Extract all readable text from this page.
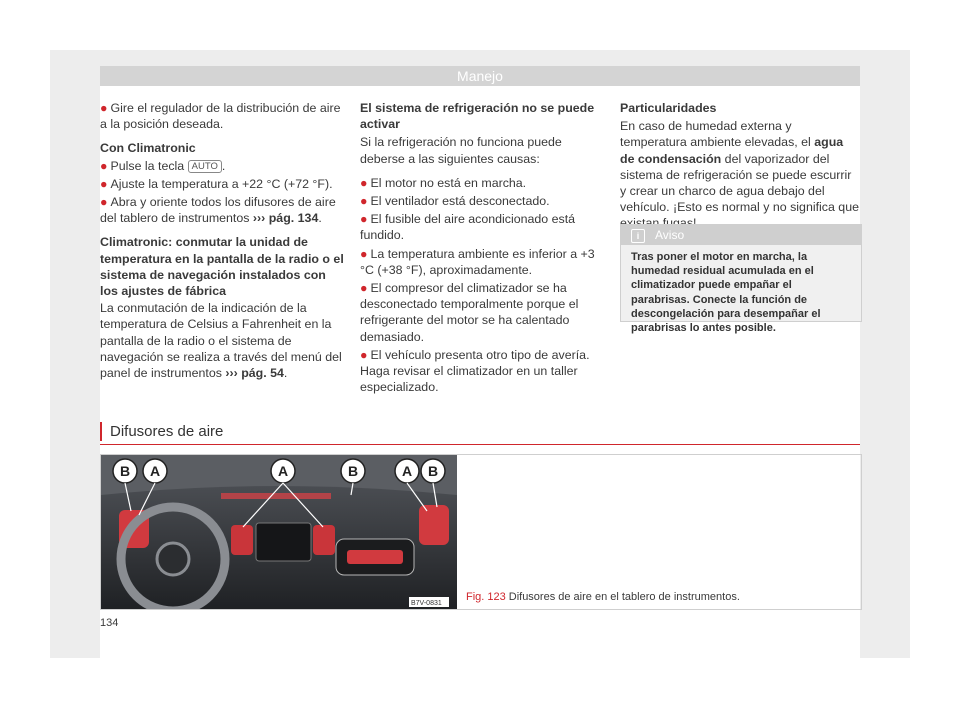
Manejo
● Gire el regulador de la distribución de aire a la posición deseada.

Con Climatronic

● Pulse la tecla AUTO .
● Ajuste la temperatura a +22 °C (+72 °F).
● Abra y oriente todos los difusores de aire del tablero de instrumentos ››› pág. 134.

Climatronic: conmutar la unidad de temperatura en la pantalla de la radio o el sistema de navegación instalados con los ajustes de fábrica

La conmutación de la indicación de la temperatura de Celsius a Fahrenheit en la pantalla de la radio o el sistema de navegación se realiza a través del menú del panel de instrumentos ››› pág. 54.

El sistema de refrigeración no se puede activar

Si la refrigeración no funciona puede deberse a las siguientes causas:

● El motor no está en marcha.
● El ventilador está desconectado.
● El fusible del aire acondicionado está fundido.
● La temperatura ambiente es inferior a +3 °C (+38 °F), aproximadamente.
● El compresor del climatizador se ha desconectado temporalmente porque el refrigerante del motor se ha calentado demasiado.
● El vehículo presenta otro tipo de avería. Haga revisar el climatizador en un taller especializado.

Particularidades

En caso de humedad externa y temperatura ambiente elevadas, el agua de condensación del vaporizador del sistema de refrigeración se puede escurrir y crear un charco de agua debajo del vehículo. ¡Esto es normal y no significa que

i Aviso
Tras poner el motor en marcha, la humedad residual acumulada en el climatizador puede empañar el parabrisas. Conecte la función de descongelación para desempañar el parabrisas lo antes posible.
Difusores de aire
B7V-0831
B A	A	B	A B
Fig. 123 Difusores de aire en el tablero de instrumentos.
134
